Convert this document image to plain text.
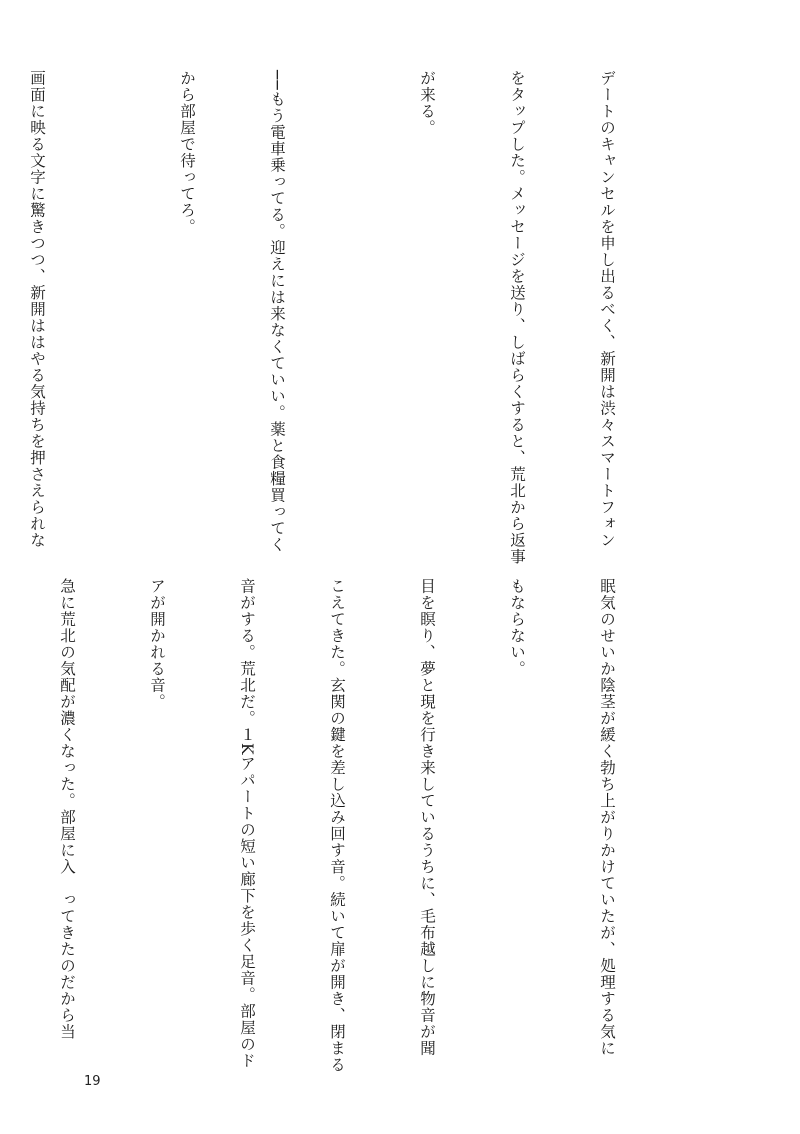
デートのキャンセルを申し出るべく、新開は渋々スマートフォン

をタップした。メッセージを送り、しばらくすると、荒北から返事

が来る。

──もう電車乗ってる。迎えには来なくていい。薬と食糧買ってく

から部屋で待ってろ。

画面に映る文字に驚きつつ、新開ははやる気持ちを押さえられな

眠気のせいか陰茎が緩く勃ち上がりかけていたが、処理する気に

もならない。

目を瞑り、夢と現を行き来しているうちに、毛布越しに物音が聞

こえてきた。玄関の鍵を差し込み回す音。続いて扉が開き、閉まる

音がする。荒北だ。１Kアパートの短い廊下を歩く足音。部屋のド

アが開かれる音。

急に荒北の気配が濃くなった。部屋に入　ってきたのだから当

19
